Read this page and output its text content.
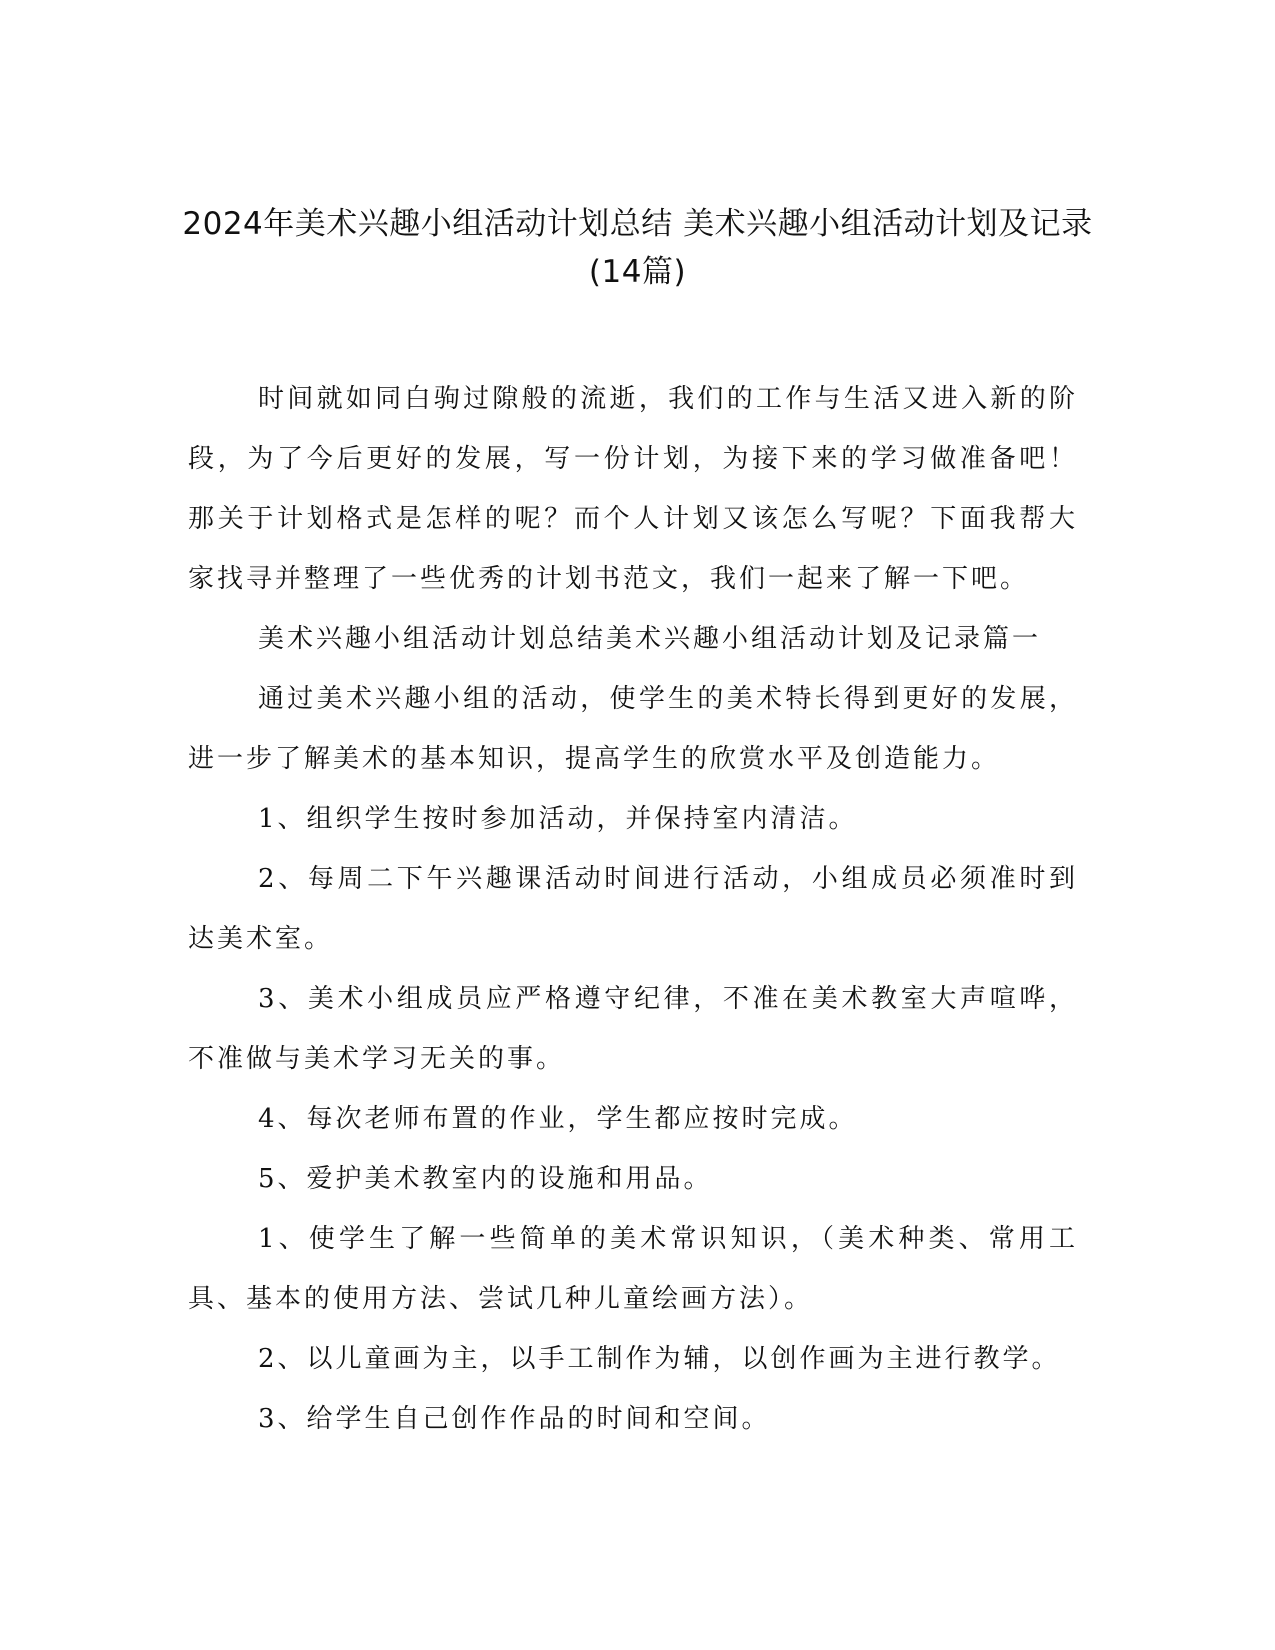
2024年美术兴趣小组活动计划总结 美术兴趣小组活动计划及记录(14篇)

时间就如同白驹过隙般的流逝，我们的工作与生活又进入新的阶段，为了今后更好的发展，写一份计划，为接下来的学习做准备吧！那关于计划格式是怎样的呢？而个人计划又该怎么写呢？下面我帮大家找寻并整理了一些优秀的计划书范文，我们一起来了解一下吧。

美术兴趣小组活动计划总结美术兴趣小组活动计划及记录篇一

通过美术兴趣小组的活动，使学生的美术特长得到更好的发展，进一步了解美术的基本知识，提高学生的欣赏水平及创造能力。

1、组织学生按时参加活动，并保持室内清洁。

2、每周二下午兴趣课活动时间进行活动，小组成员必须准时到达美术室。

3、美术小组成员应严格遵守纪律，不准在美术教室大声喧哗，不准做与美术学习无关的事。

4、每次老师布置的作业，学生都应按时完成。

5、爱护美术教室内的设施和用品。

1、使学生了解一些简单的美术常识知识，（美术种类、常用工具、基本的使用方法、尝试几种儿童绘画方法）。

2、以儿童画为主，以手工制作为辅，以创作画为主进行教学。

3、给学生自己创作作品的时间和空间。
